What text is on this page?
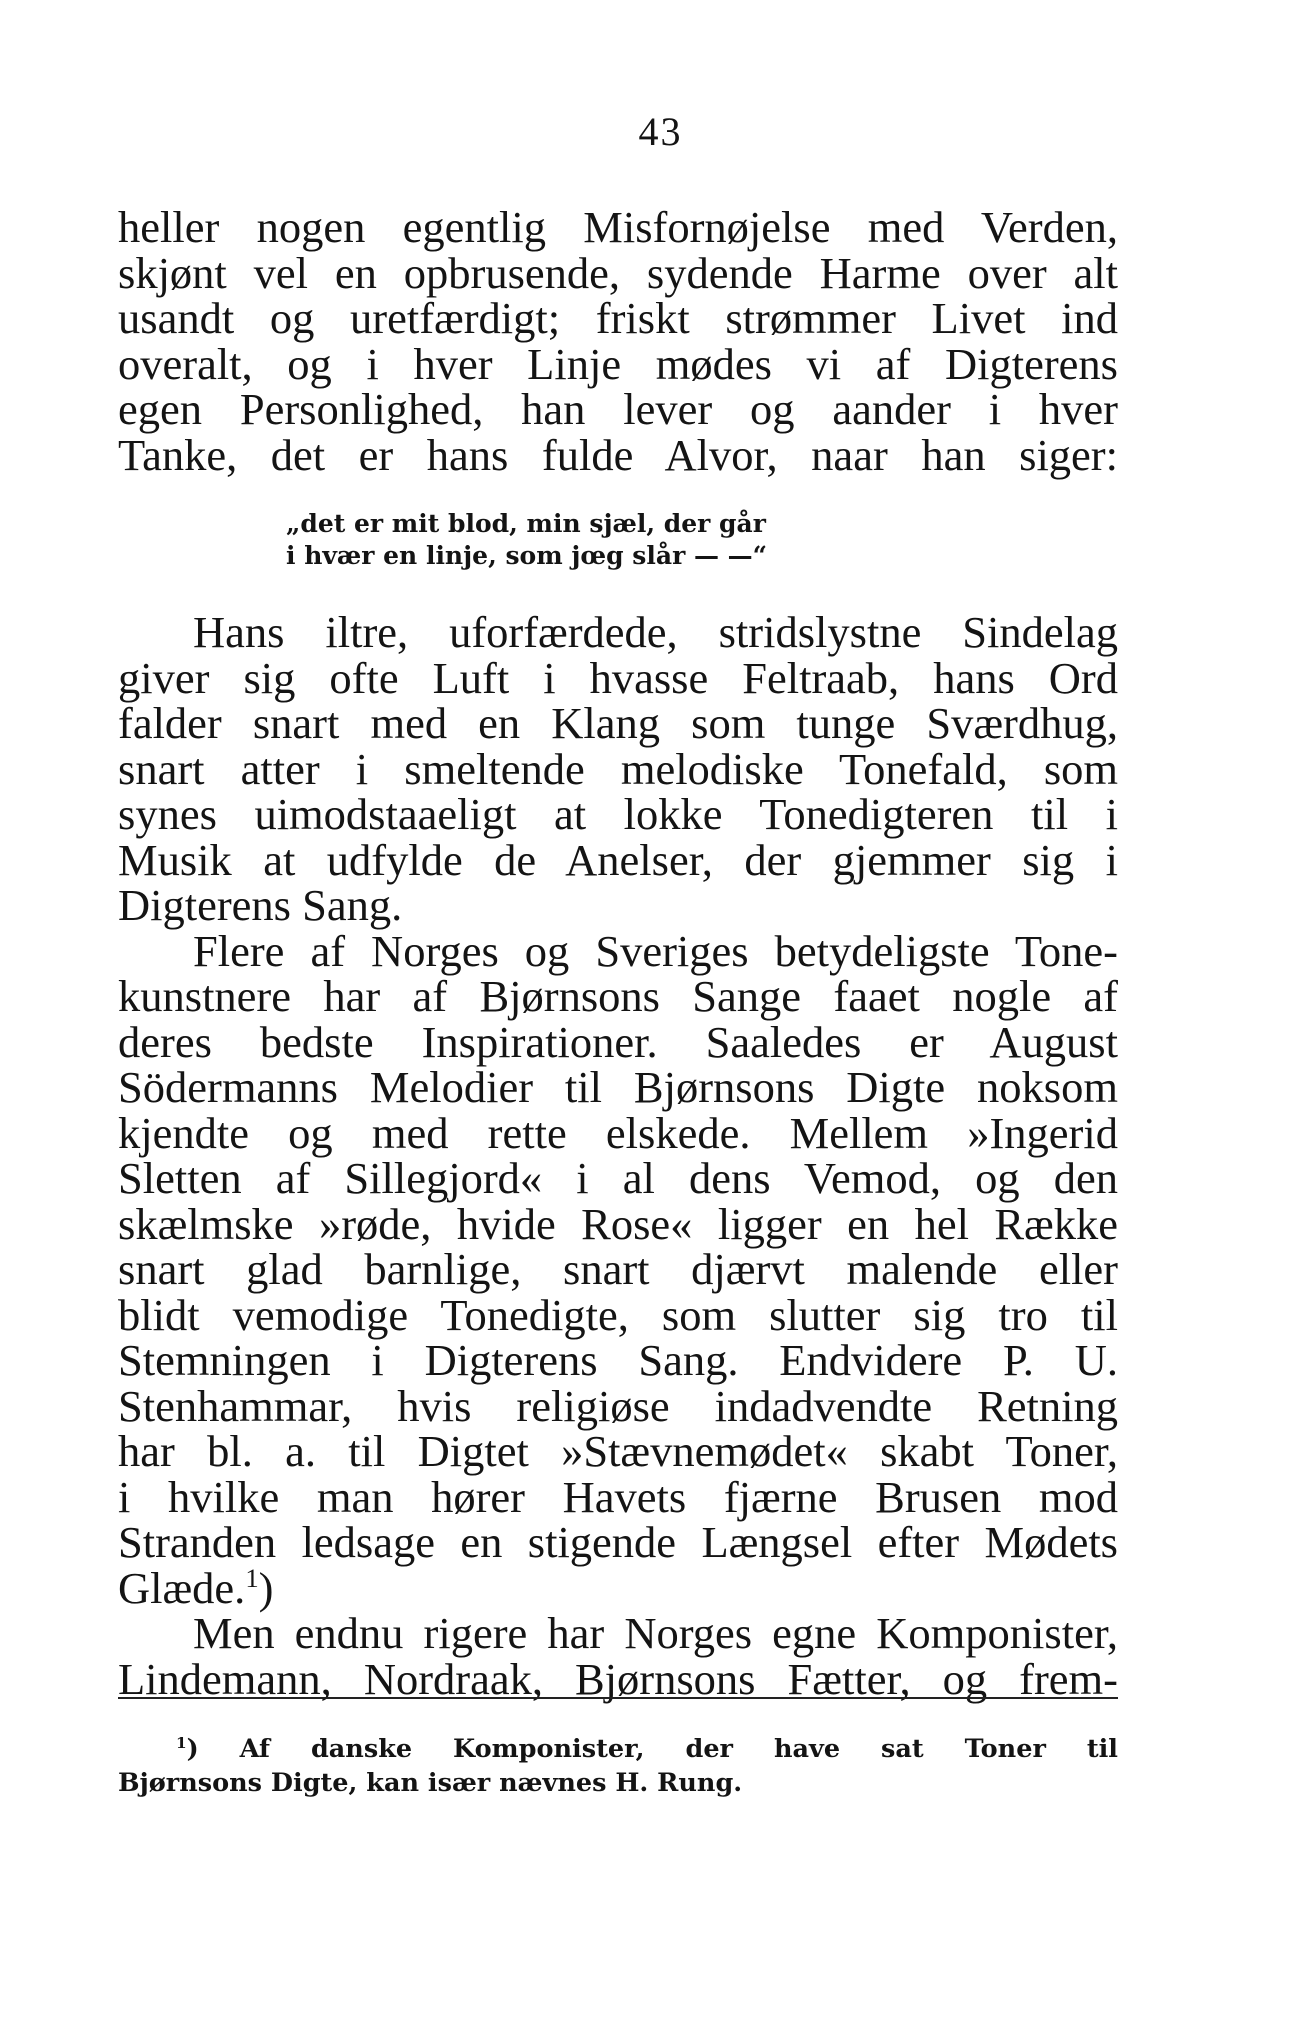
43
heller nogen egentlig Misfornøjelse med Verden,
skjønt vel en opbrusende, sydende Harme over alt
usandt og uretfærdigt; friskt strømmer Livet ind
overalt, og i hver Linje mødes vi af Digterens
egen Personlighed, han lever og aander i hver
Tanke, det er hans fulde Alvor, naar han siger:
„det er mit blod, min sjæl, der går
i hvær en linje, som jœg slår — —“
Hans iltre, uforfærdede, stridslystne Sindelag
giver sig ofte Luft i hvasse Feltraab, hans Ord
falder snart med en Klang som tunge Sværdhug,
snart atter i smeltende melodiske Tonefald, som
synes uimodstaaeligt at lokke Tonedigteren til i
Musik at udfylde de Anelser, der gjemmer sig i
Digterens Sang.
Flere af Norges og Sveriges betydeligste Tone-
kunstnere har af Bjørnsons Sange faaet nogle af
deres bedste Inspirationer. Saaledes er August
Södermanns Melodier til Bjørnsons Digte noksom
kjendte og med rette elskede. Mellem »Ingerid
Sletten af Sillegjord« i al dens Vemod, og den
skælmske »røde, hvide Rose« ligger en hel Række
snart glad barnlige, snart djærvt malende eller
blidt vemodige Tonedigte, som slutter sig tro til
Stemningen i Digterens Sang. Endvidere P. U.
Stenhammar, hvis religiøse indadvendte Retning
har bl. a. til Digtet »Stævnemødet« skabt Toner,
i hvilke man hører Havets fjærne Brusen mod
Stranden ledsage en stigende Længsel efter Mødets
Glæde.$^1$)
Men endnu rigere har Norges egne Komponister,
Lindemann, Nordraak, Bjørnsons Fætter, og frem-
$^1$) Af danske Komponister, der have sat Toner til
Bjørnsons Digte, kan især nævnes H. Rung.
